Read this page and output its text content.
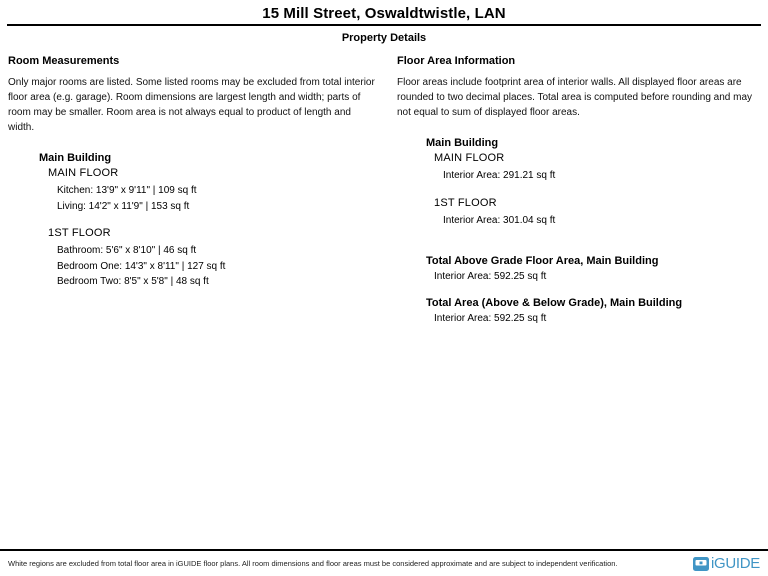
15 Mill Street, Oswaldtwistle, LAN
Property Details
Room Measurements
Only major rooms are listed. Some listed rooms may be excluded from total interior floor area (e.g. garage). Room dimensions are largest length and width; parts of room may be smaller. Room area is not always equal to product of length and width.
Main Building
MAIN FLOOR
Kitchen: 13'9" x 9'11" | 109 sq ft
Living: 14'2" x 11'9" | 153 sq ft
1ST FLOOR
Bathroom: 5'6" x 8'10" | 46 sq ft
Bedroom One: 14'3" x 8'11" | 127 sq ft
Bedroom Two: 8'5" x 5'8" | 48 sq ft
Floor Area Information
Floor areas include footprint area of interior walls. All displayed floor areas are rounded to two decimal places. Total area is computed before rounding and may not equal to sum of displayed floor areas.
Main Building
MAIN FLOOR
Interior Area: 291.21 sq ft
1ST FLOOR
Interior Area: 301.04 sq ft
Total Above Grade Floor Area, Main Building
Interior Area: 592.25 sq ft
Total Area (Above & Below Grade), Main Building
Interior Area: 592.25 sq ft
White regions are excluded from total floor area in iGUIDE floor plans. All room dimensions and floor areas must be considered approximate and are subject to independent verification.	iGUIDE
